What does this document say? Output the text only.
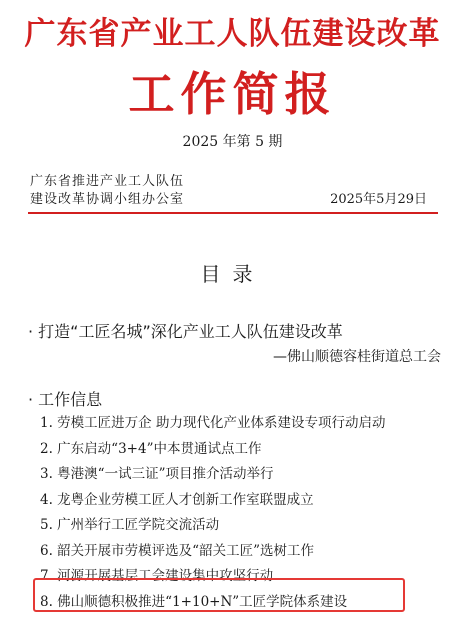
广东省产业工人队伍建设改革
工作简报
2025 年第 5 期
广东省推进产业工人队伍
建设改革协调小组办公室	2025年5月29日
目录
· 打造“工匠名城”深化产业工人队伍建设改革
—佛山顺德容桂街道总工会
· 工作信息
1. 劳模工匠进万企 助力现代化产业体系建设专项行动启动
2. 广东启动“3+4”中本贯通试点工作
3. 粤港澳“一试三证”项目推介活动举行
4. 龙粤企业劳模工匠人才创新工作室联盟成立
5. 广州举行工匠学院交流活动
6. 韶关开展市劳模评选及“韶关工匠”选树工作
7. 河源开展基层工会建设集中攻坚行动
8. 佛山顺德积极推进“1+10+N”工匠学院体系建设
